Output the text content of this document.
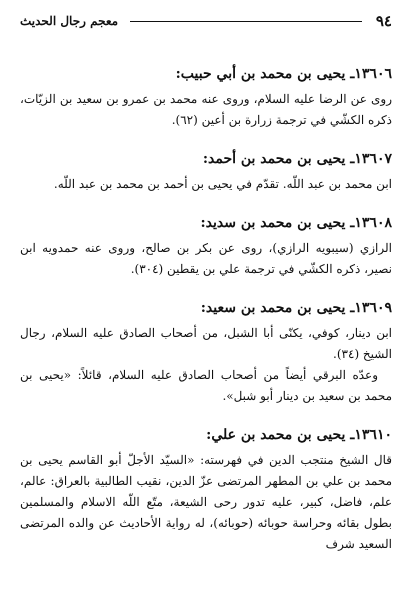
٩٤
معجم رجال الحديث
١٣٦٠٦ـ يحيى بن محمد بن أبي حبيب:

روى عن الرضا عليه السلام، وروى عنه محمد بن عمرو بن سعيد بن الزيّات، ذكره الكشّي في ترجمة زرارة بن أعين (٦٢).

١٣٦٠٧ـ يحيى بن محمد بن أحمد:

ابن محمد بن عبد اللّه. تقدّم في يحيى بن أحمد بن محمد بن عبد اللّه.

١٣٦٠٨ـ يحيى بن محمد بن سديد:

الرازي (سيبويه الرازي)، روى عن بكر بن صالح، وروى عنه حمدويه ابن نصير، ذكره الكشّي في ترجمة علي بن يقطين (٣٠٤).

١٣٦٠٩ـ يحيى بن محمد بن سعيد:

ابن دينار، كوفي، يكنّى أبا الشبل، من أصحاب الصادق عليه السلام، رجال الشيخ (٣٤).

وعدّه البرقي أيضاً من أصحاب الصادق عليه السلام، قائلاً: «يحيى بن محمد بن سعيد بن دينار أبو شبل».

١٣٦١٠ـ يحيى بن محمد بن علي:

قال الشيخ منتجب الدين في فهرسته: «السيّد الأجلّ أبو القاسم يحيى بن محمد بن علي بن المطهر المرتضى عزّ الدين، نقيب الطالبية بالعراق: عالم، علم، فاضل، كبير، عليه تدور رحى الشيعة، متّع اللّه الاسلام والمسلمين بطول بقائه وحراسة حوبائه (حوبائه)، له رواية الأحاديث عن والده المرتضى السعيد شرف
